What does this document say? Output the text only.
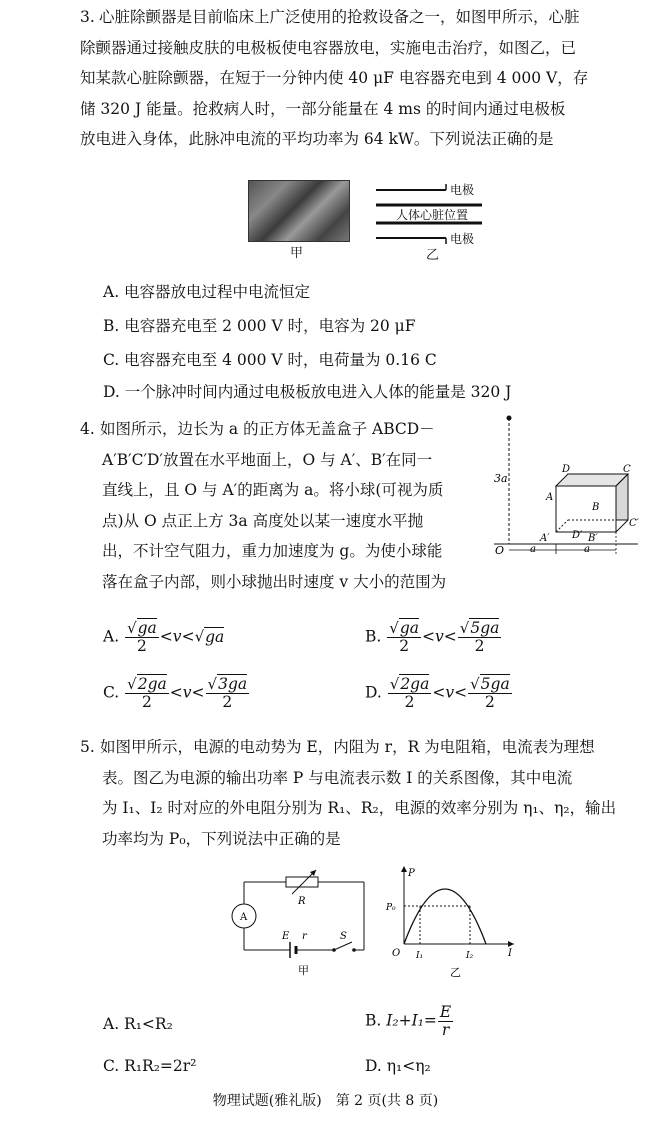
3. 心脏除颤器是目前临床上广泛使用的抢救设备之一，如图甲所示，心脏
除颤器通过接触皮肤的电极板使电容器放电，实施电击治疗，如图乙，已
知某款心脏除颤器，在短于一分钟内使 40 μF 电容器充电到 4 000 V，存
储 320 J 能量。抢救病人时，一部分能量在 4 ms 的时间内通过电极板
放电进入身体，此脉冲电流的平均功率为 64 kW。下列说法正确的是
甲
电极
人体心脏位置
电极
乙
A. 电容器放电过程中电流恒定
B. 电容器充电至 2 000 V 时，电容为 20 μF
C. 电容器充电至 4 000 V 时，电荷量为 0.16 C
D. 一个脉冲时间内通过电极板放电进入人体的能量是 320 J
4. 如图所示，边长为 a 的正方体无盖盒子 ABCD－
A′B′C′D′放置在水平地面上，O 与 A′、B′在同一
直线上，且 O 与 A′的距离为 a。将小球(可视为质
点)从 O 点正上方 3a 高度处以某一速度水平抛
出，不计空气阻力，重力加速度为 g。为使小球能
落在盒子内部，则小球抛出时速度 v 大小的范围为
3a
O
D	C
A
B
C′
A′ D′ B′
a	a
A. $\frac{√ga}{2} <v<√ga$	B. $\frac{√ga}{2} <v< \frac{√5ga}{2}$
C. $\frac{√2ga}{2} <v< \frac{√3ga}{2}$	D. $\frac{√2ga}{2} <v< \frac{√5ga}{2}$
5. 如图甲所示，电源的电动势为 E，内阻为 r，R 为电阻箱，电流表为理想
表。图乙为电源的输出功率 P 与电流表示数 I 的关系图像，其中电流
为 I₁、I₂ 时对应的外电阻分别为 R₁、R₂，电源的效率分别为 η₁、η₂，输出
功率均为 P₀，下列说法中正确的是
A
R
E r	S
甲
P
P₀
O I₁	I₂	I
乙
A. R₁<R₂	B. $I_2+I_1= \frac{E}{r}$
C. R₁R₂=2r²	D. η₁<η₂
物理试题(雅礼版)　第 2 页(共 8 页)
